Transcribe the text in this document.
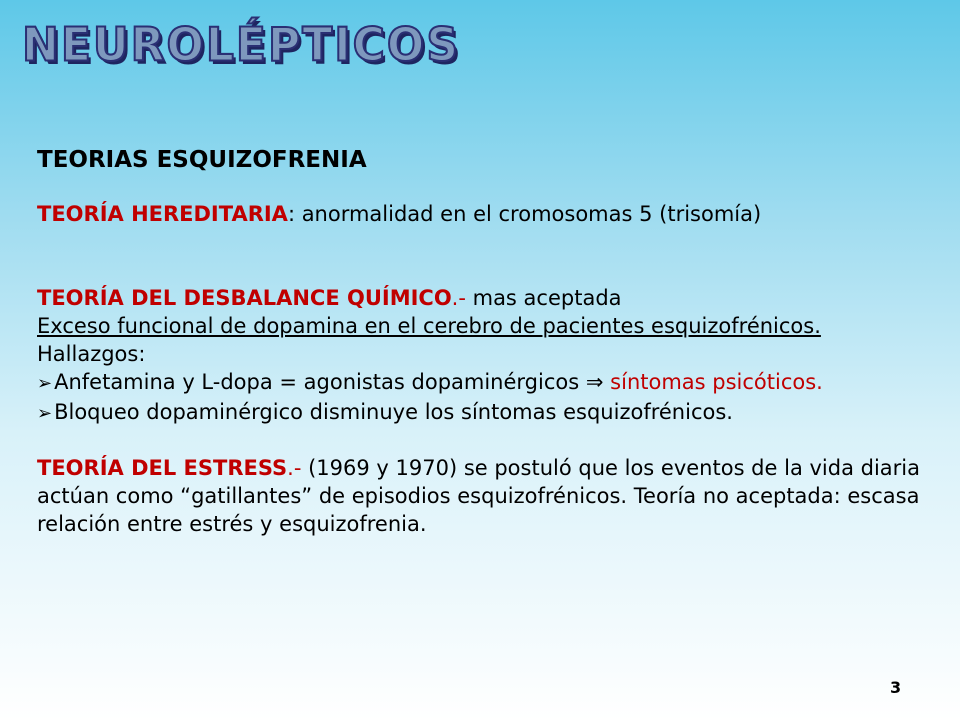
NEUROLÉPTICOS

TEORIAS ESQUIZOFRENIA

TEORÍA HEREDITARIA: anormalidad en el cromosomas 5 (trisomía)

TEORÍA DEL DESBALANCE QUÍMICO.- mas aceptada

Exceso funcional de dopamina en el cerebro de pacientes esquizofrénicos.

Hallazgos:

➢Anfetamina y L-dopa = agonistas dopaminérgicos ⇒ síntomas psicóticos.

➢Bloqueo dopaminérgico disminuye los síntomas esquizofrénicos.

TEORÍA DEL ESTRESS.- (1969 y 1970) se postuló que los eventos de la vida diaria actúan como “gatillantes” de episodios esquizofrénicos. Teoría no aceptada: escasa relación entre estrés y esquizofrenia.

3
